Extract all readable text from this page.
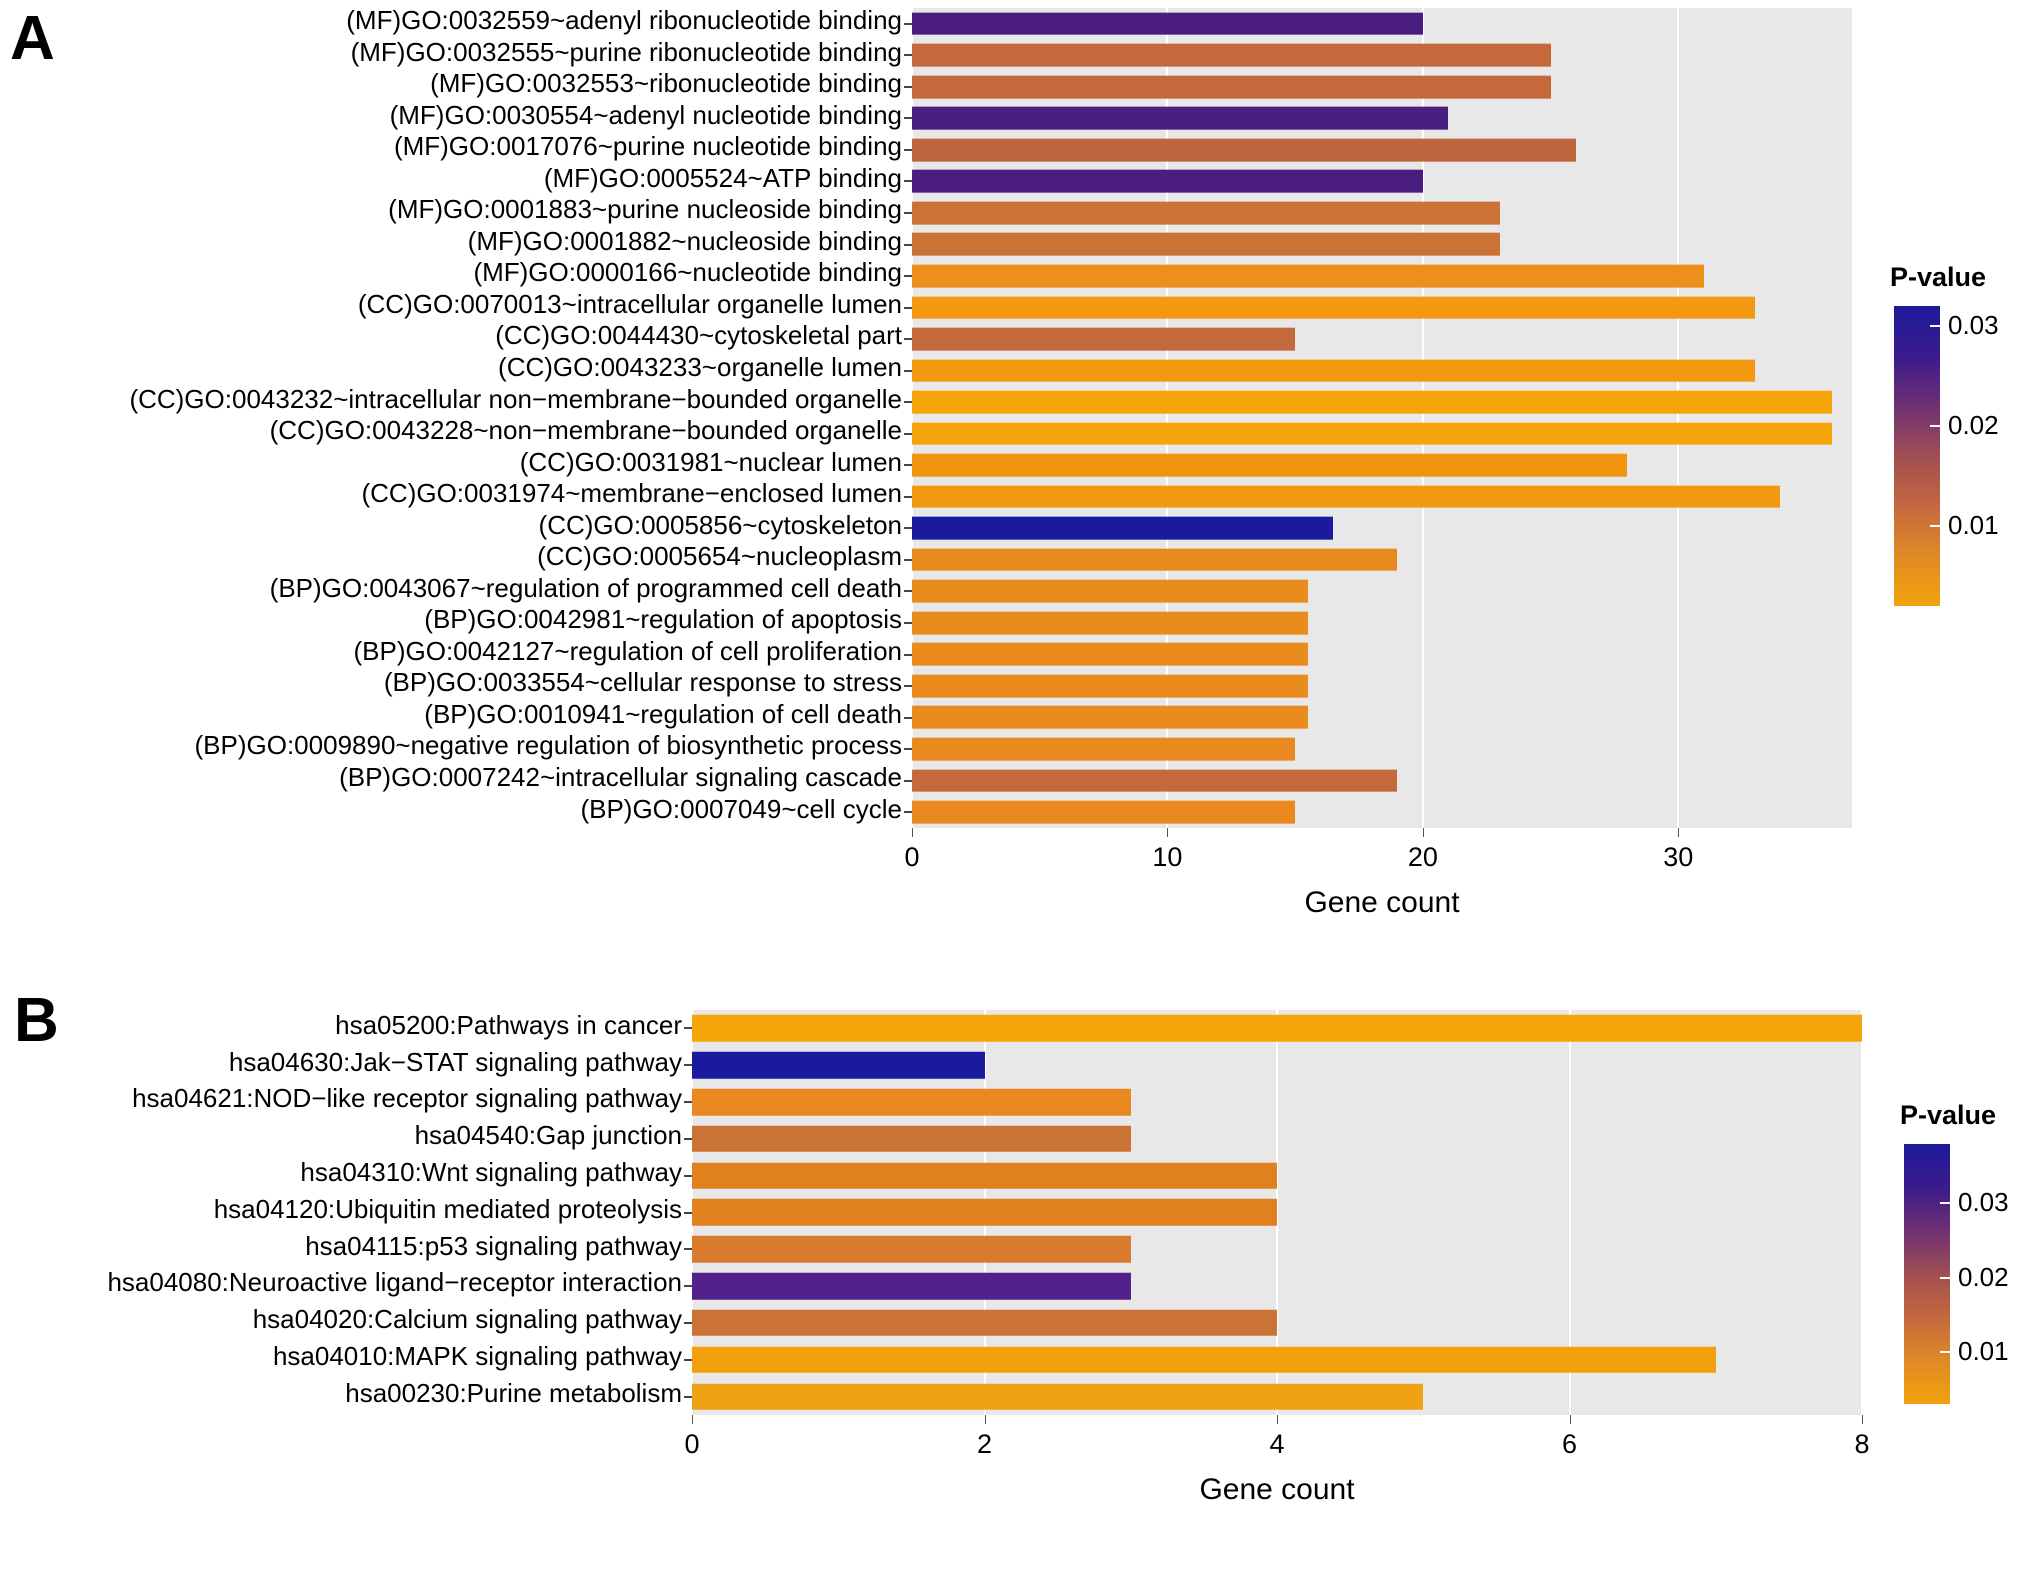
A	(MF)GO:0032559~adenyl ribonucleotide binding
(MF)GO:0032555~purine ribonucleotide binding
(MF)GO:0032553~ribonucleotide binding
(MF)GO:0030554~adenyl nucleotide binding
(MF)GO:0017076~purine nucleotide binding
(MF)GO:0005524~ATP binding
(MF)GO:0001883~purine nucleoside binding
(MF)GO:0001882~nucleoside binding
(MF)GO:0000166~nucleotide binding
(CC)GO:0070013~intracellular organelle lumen
(CC)GO:0044430~cytoskeletal part
(CC)GO:0043233~organelle lumen
(CC)GO:0043232~intracellular non−membrane−bounded organelle
(CC)GO:0043228~non−membrane−bounded organelle
(CC)GO:0031981~nuclear lumen
(CC)GO:0031974~membrane−enclosed lumen
(CC)GO:0005856~cytoskeleton
(CC)GO:0005654~nucleoplasm
(BP)GO:0043067~regulation of programmed cell death
(BP)GO:0042981~regulation of apoptosis
(BP)GO:0042127~regulation of cell proliferation
(BP)GO:0033554~cellular response to stress
(BP)GO:0010941~regulation of cell death
(BP)GO:0009890~negative regulation of biosynthetic process
(BP)GO:0007242~intracellular signaling cascade
(BP)GO:0007049~cell cycle
0	10	20	30
Gene count
P-value
0.01
0.02
0.03
B	hsa05200:Pathways in cancer
hsa04630:Jak−STAT signaling pathway
hsa04621:NOD−like receptor signaling pathway
hsa04540:Gap junction
hsa04310:Wnt signaling pathway
hsa04120:Ubiquitin mediated proteolysis
hsa04115:p53 signaling pathway
hsa04080:Neuroactive ligand−receptor interaction
hsa04020:Calcium signaling pathway
hsa04010:MAPK signaling pathway
hsa00230:Purine metabolism
0	2	4	6	8
Gene count
P-value
0.01
0.02
0.03
